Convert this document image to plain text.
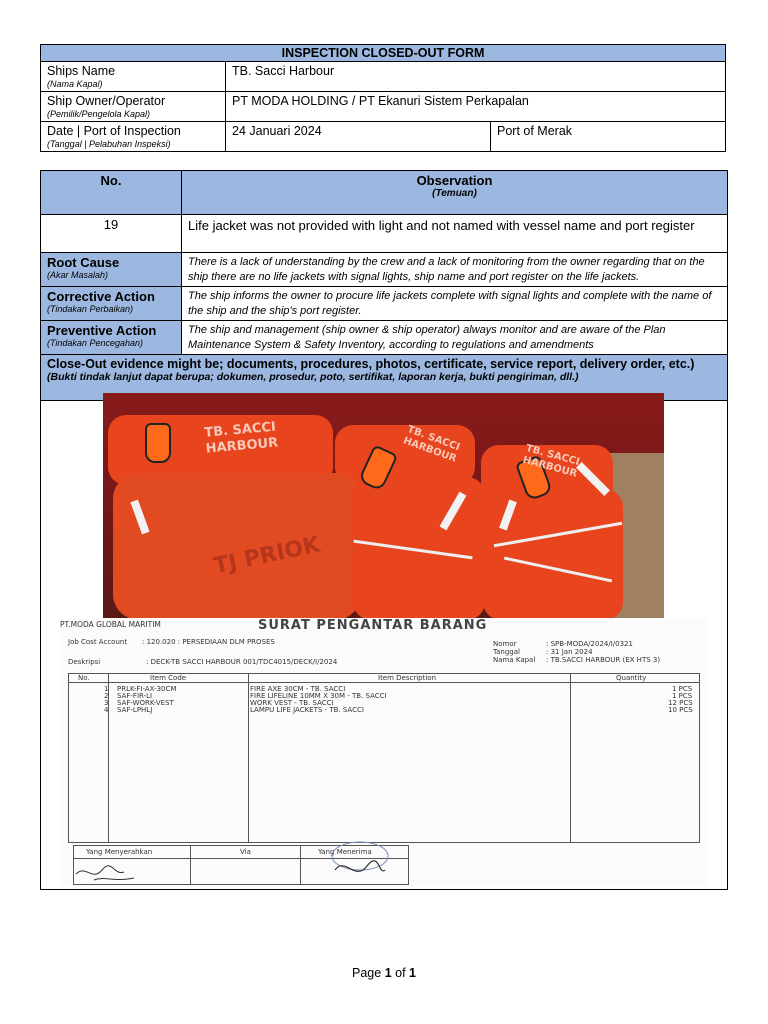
INSPECTION CLOSED-OUT FORM		

Ships Name
(Nama Kapal)	TB. Sacci Harbour	

Ship Owner/Operator
(Pemilik/Pengelola Kapal)	PT MODA HOLDING / PT Ekanuri Sistem Perkapalan	

Date | Port of Inspection
(Tanggal | Pelabuhan Inspeksi)	24 Januari 2024	Port of Merak
No.	Observation
(Temuan)

19	Life jacket was not provided with light and not named with vessel name and port register

Root Cause
(Akar Masalah)	There is a lack of understanding by the crew and a lack of monitoring from the owner regarding that on the ship there are no life jackets with signal lights, ship name and port register on the life jackets.

Corrective Action
(Tindakan Perbaikan)	The ship informs the owner to procure life jackets complete with signal lights and complete with the name of the ship and the ship's port register.

Preventive Action
(Tindakan Pencegahan)	The ship and management (ship owner & ship operator) always monitor and are aware of the Plan Maintenance System & Safety Inventory, according to regulations and amendments

Close-Out evidence might be; documents, procedures, photos, certificate, service report, delivery order, etc.)
(Bukti tindak lanjut dapat berupa; dokumen, prosedur, poto, sertifikat, laporan kerja, bukti pengiriman, dll.)	
TB. SACCI HARBOUR	TB. SACCI HARBOUR	TB. SACCI HARBOUR
TJ PRIOK
PT.MODA GLOBAL MARITIM	SURAT PENGANTAR BARANG
Job Cost Account : 120.020 : PERSEDIAAN DLM PROSES
Deskripsi	: DECK-TB SACCI HARBOUR 001/TDC4015/DECK/I/2024
Nomor	: SPB-MODA/2024/I/0321
Tanggal	: 31 Jan 2024
Nama Kapal : TB.SACCI HARBOUR (EX HTS 3)
No.	Item Code	Item Description	Quantity
1 PRLK-FI-AX-30CM	FIRE AXE 30CM - TB. SACCI	1 PCS
2 SAF-FIR-LI	FIRE LIFELINE 10MM X 30M - TB. SACCI	1 PCS
3 SAF-WORK-VEST	WORK VEST - TB. SACCI	12 PCS
4 SAF-LPHLJ	LAMPU LIFE JACKETS - TB. SACCI	10 PCS
Yang Menyerahkan	Via	Yang Menerima
Page 1 of 1
